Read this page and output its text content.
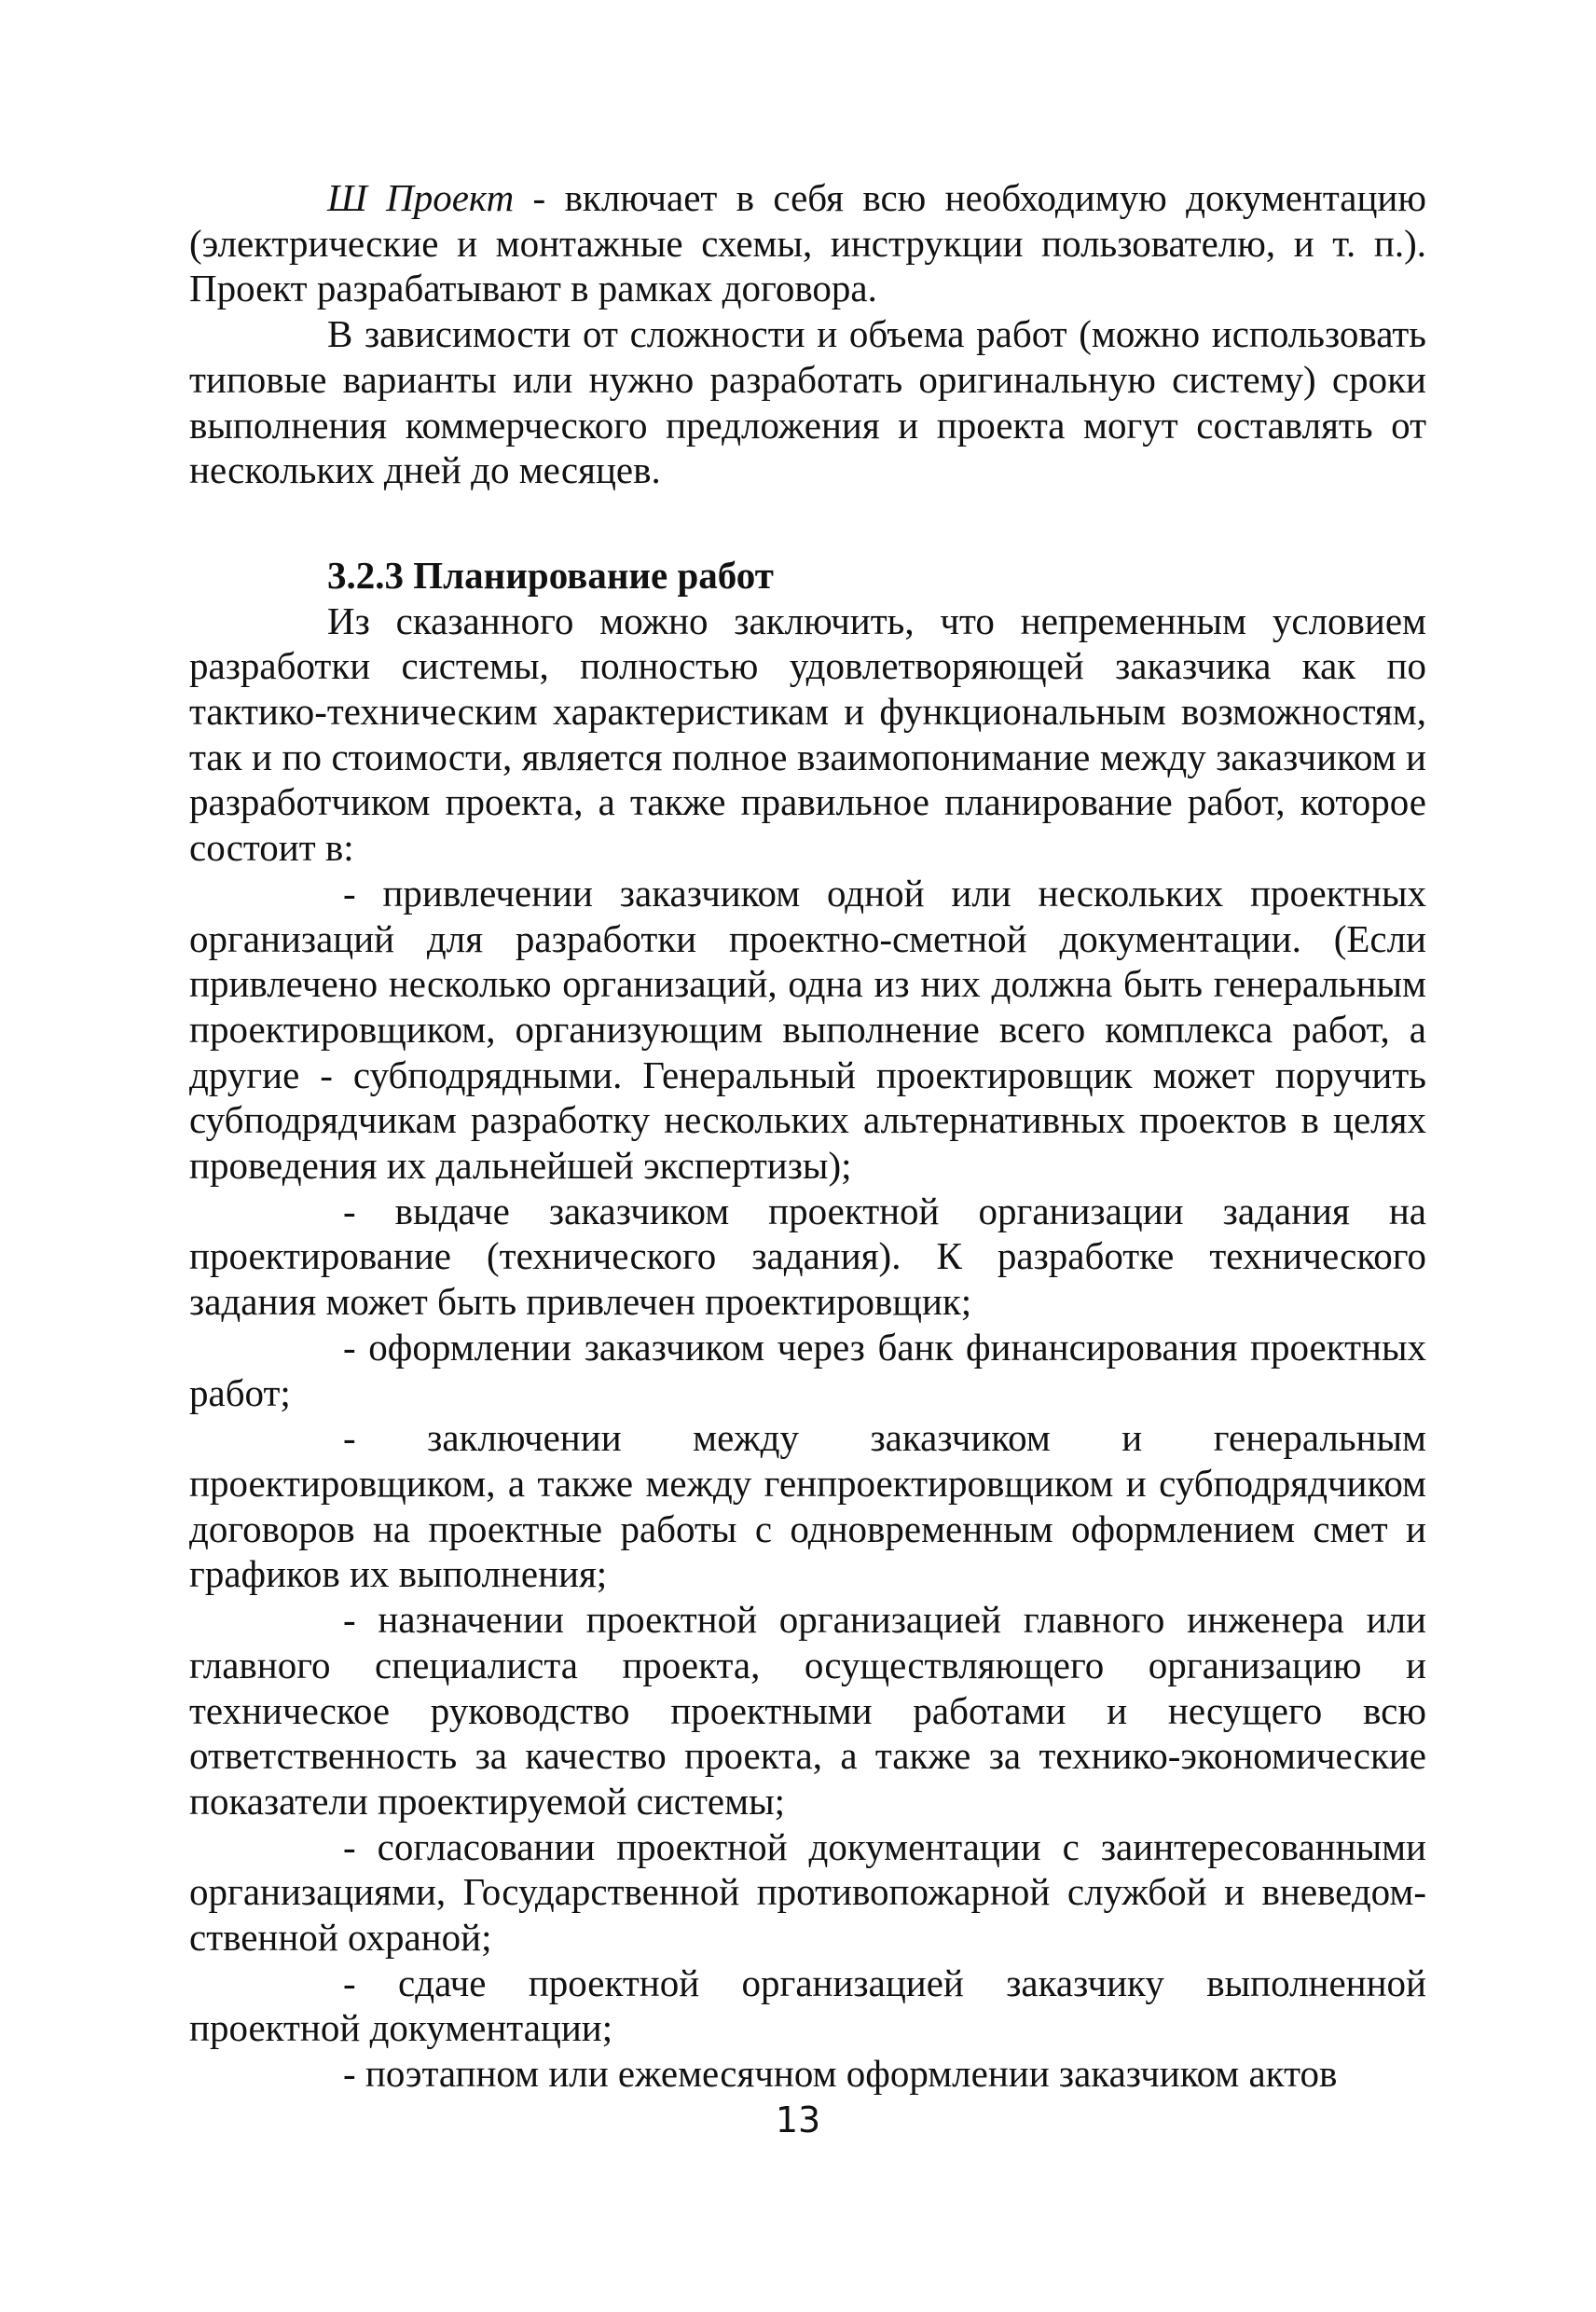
Ш Проект - включает в себя всю необходимую документацию (электрические и монтажные схемы, инструкции пользователю, и т. п.). Проект разрабатывают в рамках договора.

В зависимости от сложности и объема работ (можно использовать типовые варианты или нужно разработать оригинальную систему) сроки выполнения коммерческого предложения и проекта могут составлять от нескольких дней до месяцев.

3.2.3 Планирование работ

Из сказанного можно заключить, что непременным условием разработки системы, полностью удовлетворяющей заказчика как по тактико-техническим характеристикам и функциональным возможностям, так и по стоимости, является полное взаимопонимание между заказчиком и разработчиком проекта, а также правильное планирование работ, которое состоит в:

- привлечении заказчиком одной или нескольких проектных организаций для разработки проектно-сметной документации. (Если привлечено несколько организаций, одна из них должна быть генеральным проектировщиком, организующим выполнение всего комплекса работ, а другие - субподрядными. Генеральный проектировщик может поручить субподрядчикам разработку нескольких альтернативных проектов в целях проведения их дальнейшей экспертизы);

- выдаче заказчиком проектной организации задания на проектирование (технического задания). К разработке технического задания может быть привлечен проектировщик;

- оформлении заказчиком через банк финансирования проектных работ;

- заключении между заказчиком и генеральным проектировщиком, а также между генпроектировщиком и субподрядчиком договоров на проектные работы с одновременным оформлением смет и графиков их выполнения;

- назначении проектной организацией главного инженера или главного специалиста проекта, осуществляющего организацию и техническое руководство проектными работами и несущего всю ответственность за качество проекта, а также за технико-экономические показатели проектируемой системы;

- согласовании проектной документации с заинтересованными организациями, Государственной противопожарной службой и вневедомственной охраной;

- сдаче проектной организацией заказчику выполненной проектной документации;

- поэтапном или ежемесячном оформлении заказчиком актов

13
